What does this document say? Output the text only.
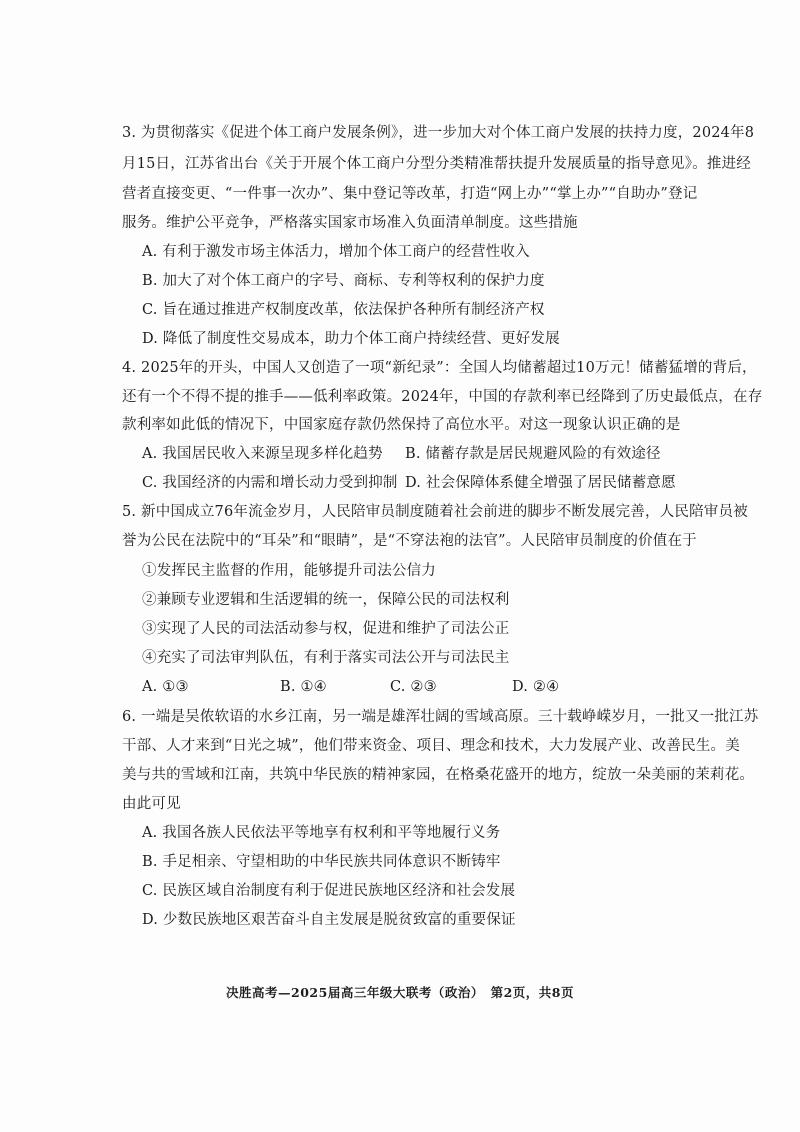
3. 为贯彻落实《促进个体工商户发展条例》，进一步加大对个体工商户发展的扶持力度，2024年8
月15日，江苏省出台《关于开展个体工商户分型分类精准帮扶提升发展质量的指导意见》。推进经
营者直接变更、“一件事一次办”、集中登记等改革，打造“网上办”“掌上办”“自助办”登记
服务。维护公平竞争，严格落实国家市场准入负面清单制度。这些措施
A. 有利于激发市场主体活力，增加个体工商户的经营性收入
B. 加大了对个体工商户的字号、商标、专利等权利的保护力度
C. 旨在通过推进产权制度改革，依法保护各种所有制经济产权
D. 降低了制度性交易成本，助力个体工商户持续经营、更好发展
4. 2025年的开头，中国人又创造了一项“新纪录”：全国人均储蓄超过10万元！储蓄猛增的背后，
还有一个不得不提的推手——低利率政策。2024年，中国的存款利率已经降到了历史最低点，在存
款利率如此低的情况下，中国家庭存款仍然保持了高位水平。对这一现象认识正确的是
A. 我国居民收入来源呈现多样化趋势 B. 储蓄存款是居民规避风险的有效途径
C. 我国经济的内需和增长动力受到抑制 D. 社会保障体系健全增强了居民储蓄意愿
5. 新中国成立76年流金岁月，人民陪审员制度随着社会前进的脚步不断发展完善，人民陪审员被
誉为公民在法院中的“耳朵”和“眼睛”，是“不穿法袍的法官”。人民陪审员制度的价值在于
①发挥民主监督的作用，能够提升司法公信力
②兼顾专业逻辑和生活逻辑的统一，保障公民的司法权利
③实现了人民的司法活动参与权，促进和维护了司法公正
④充实了司法审判队伍，有利于落实司法公开与司法民主
A. ①③	B. ①④	C. ②③	D. ②④
6. 一端是吴侬软语的水乡江南，另一端是雄浑壮阔的雪域高原。三十载峥嵘岁月，一批又一批江苏
干部、人才来到“日光之城”，他们带来资金、项目、理念和技术，大力发展产业、改善民生。美
美与共的雪域和江南，共筑中华民族的精神家园，在格桑花盛开的地方，绽放一朵美丽的茉莉花。
由此可见
A. 我国各族人民依法平等地享有权利和平等地履行义务
B. 手足相亲、守望相助的中华民族共同体意识不断铸牢
C. 民族区域自治制度有利于促进民族地区经济和社会发展
D. 少数民族地区艰苦奋斗自主发展是脱贫致富的重要保证
决胜高考—2025届高三年级大联考（政治）　第2页，共8页
